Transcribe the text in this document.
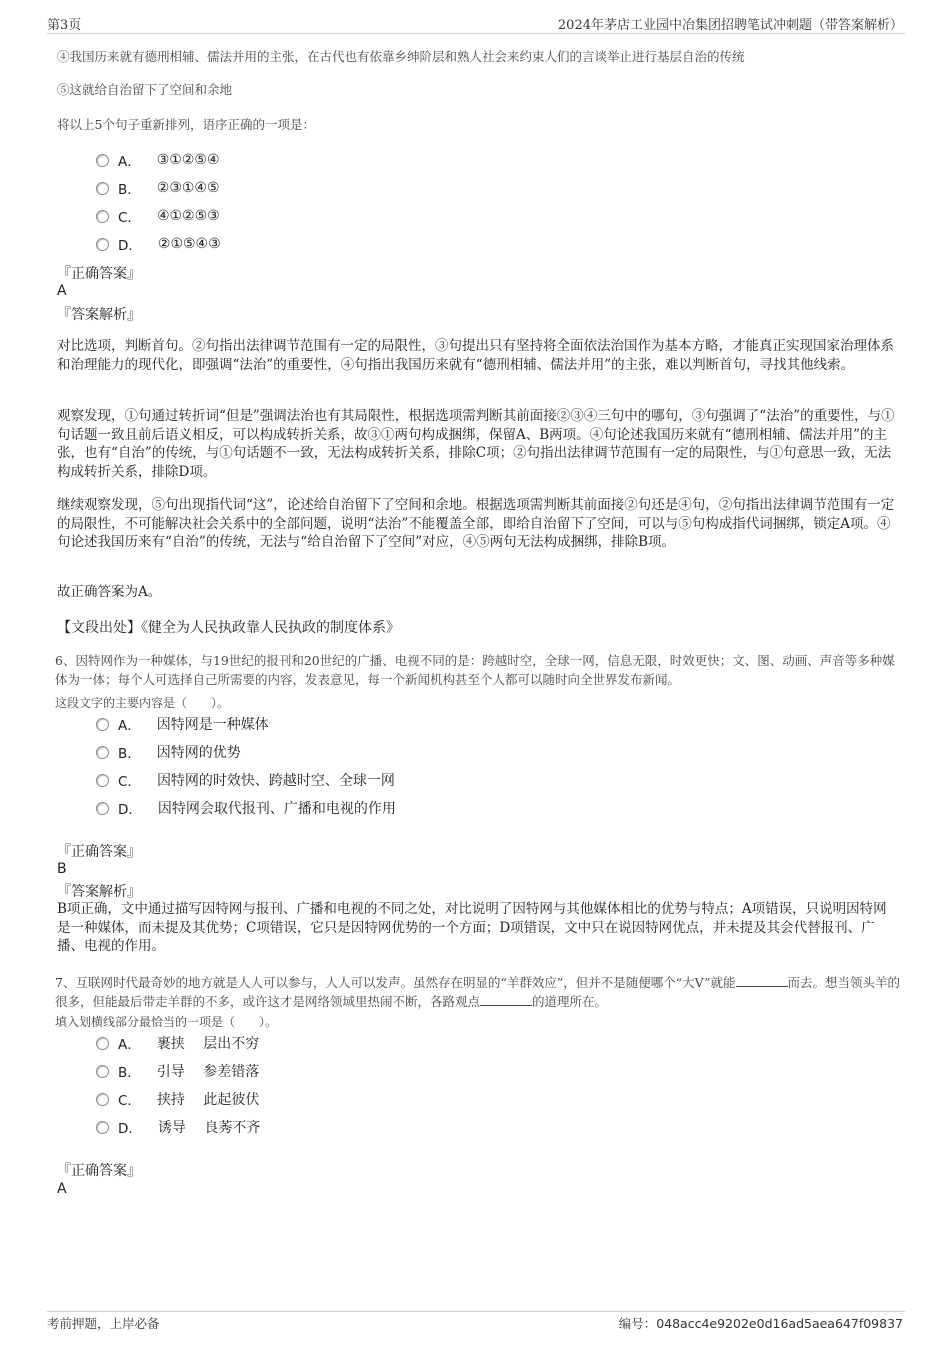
第3页	2024年茅店工业园中冶集团招聘笔试冲刺题（带答案解析）
④我国历来就有德刑相辅、儒法并用的主张，在古代也有依靠乡绅阶层和熟人社会来约束人们的言谈举止进行基层自治的传统
⑤这就给自治留下了空间和余地
将以上5个句子重新排列，语序正确的一项是：
A． ③①②⑤④
B． ②③①④⑤
C． ④①②⑤③
D． ②①⑤④③
『正确答案』
A
『答案解析』
对比选项，判断首句。②句指出法律调节范围有一定的局限性，③句提出只有坚持将全面依法治国作为基本方略，才能真正实现国家治理体系和治理能力的现代化，即强调“法治”的重要性，④句指出我国历来就有“德刑相辅、儒法并用”的主张，难以判断首句，寻找其他线索。
观察发现，①句通过转折词“但是”强调法治也有其局限性，根据选项需判断其前面接②③④三句中的哪句，③句强调了“法治”的重要性，与①句话题一致且前后语义相反，可以构成转折关系，故③①两句构成捆绑，保留A、B两项。④句论述我国历来就有“德刑相辅、儒法并用”的主张，也有“自治”的传统，与①句话题不一致，无法构成转折关系，排除C项；②句指出法律调节范围有一定的局限性，与①句意思一致，无法构成转折关系，排除D项。
继续观察发现，⑤句出现指代词“这”，论述给自治留下了空间和余地。根据选项需判断其前面接②句还是④句，②句指出法律调节范围有一定的局限性，不可能解决社会关系中的全部问题，说明“法治”不能覆盖全部，即给自治留下了空间，可以与⑤句构成指代词捆绑，锁定A项。④句论述我国历来有“自治”的传统，无法与“给自治留下了空间”对应，④⑤两句无法构成捆绑，排除B项。
故正确答案为A。
【文段出处】《健全为人民执政靠人民执政的制度体系》
6、因特网作为一种媒体，与19世纪的报刊和20世纪的广播、电视不同的是：跨越时空，全球一网，信息无限，时效更快；文、图、动画、声音等多种媒体为一体；每个人可选择自己所需要的内容，发表意见，每一个新闻机构甚至个人都可以随时向全世界发布新闻。
这段文字的主要内容是（　　）。
A． 因特网是一种媒体
B． 因特网的优势
C． 因特网的时效快、跨越时空、全球一网
D． 因特网会取代报刊、广播和电视的作用
『正确答案』
B
『答案解析』
B项正确，文中通过描写因特网与报刊、广播和电视的不同之处，对比说明了因特网与其他媒体相比的优势与特点；A项错误，只说明因特网是一种媒体，而未提及其优势；C项错误，它只是因特网优势的一个方面；D项错误，文中只在说因特网优点，并未提及其会代替报刊、广播、电视的作用。
7、互联网时代最奇妙的地方就是人人可以参与，人人可以发声。虽然存在明显的“羊群效应”，但并不是随便哪个“大V”就能	而去。想当领头羊的很多，但能最后带走羊群的不多，或许这才是网络领域里热闹不断，各路观点	的道理所在。
填入划横线部分最恰当的一项是（　　）。
A． 裹挟　 层出不穷
B． 引导　 参差错落
C． 挟持　 此起彼伏
D． 诱导　 良莠不齐
『正确答案』
A
考前押题，上岸必备	编号：048acc4e9202e0d16ad5aea647f09837
